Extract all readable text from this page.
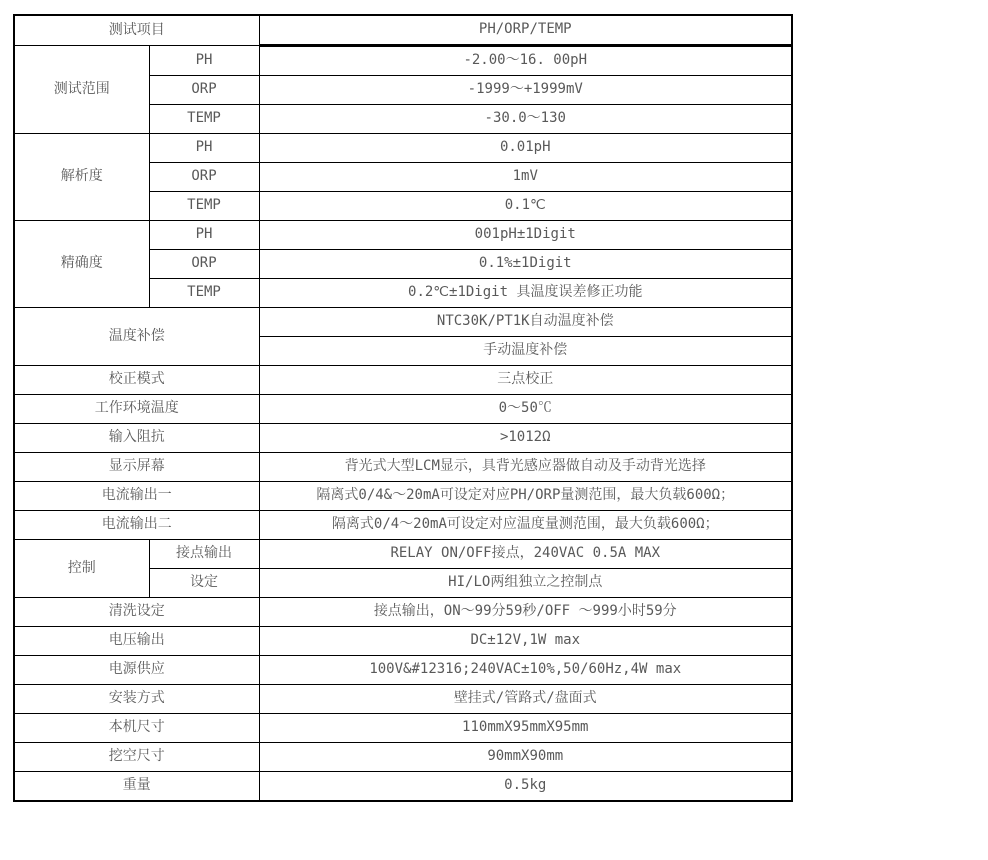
测试项目		PH/ORP/TEMP
测试范围	PH	-2.00～16. 00pH
	ORP	-1999～+1999mV
	TEMP	-30.0～130
解析度	PH	0.01pH
	ORP	1mV
	TEMP	0.1℃
精确度	PH	001pH±1Digit
	ORP	0.1%±1Digit
	TEMP	0.2℃±1Digit 具温度误差修正功能
温度补偿		NTC30K/PT1K自动温度补偿
		手动温度补偿
校正模式		三点校正
工作环境温度		0～50℃
输入阻抗		>1012Ω
显示屏幕		背光式大型LCM显示，具背光感应器做自动及手动背光选择
电流输出一		隔离式0/4&～20mA可设定对应PH/ORP量测范围，最大负载600Ω；
电流输出二		隔离式0/4～20mA可设定对应温度量测范围，最大负载600Ω；
控制	接点输出	RELAY ON/OFF接点，240VAC 0.5A MAX
	设定	HI/LO两组独立之控制点
清洗设定		接点输出，ON～99分59秒/OFF ～999小时59分
电压输出		DC±12V,1W max
电源供应		100V&#12316;240VAC±10%,50/60Hz,4W max
安装方式		壁挂式/管路式/盘面式
本机尺寸		110mmX95mmX95mm
挖空尺寸		90mmX90mm
重量		0.5kg
